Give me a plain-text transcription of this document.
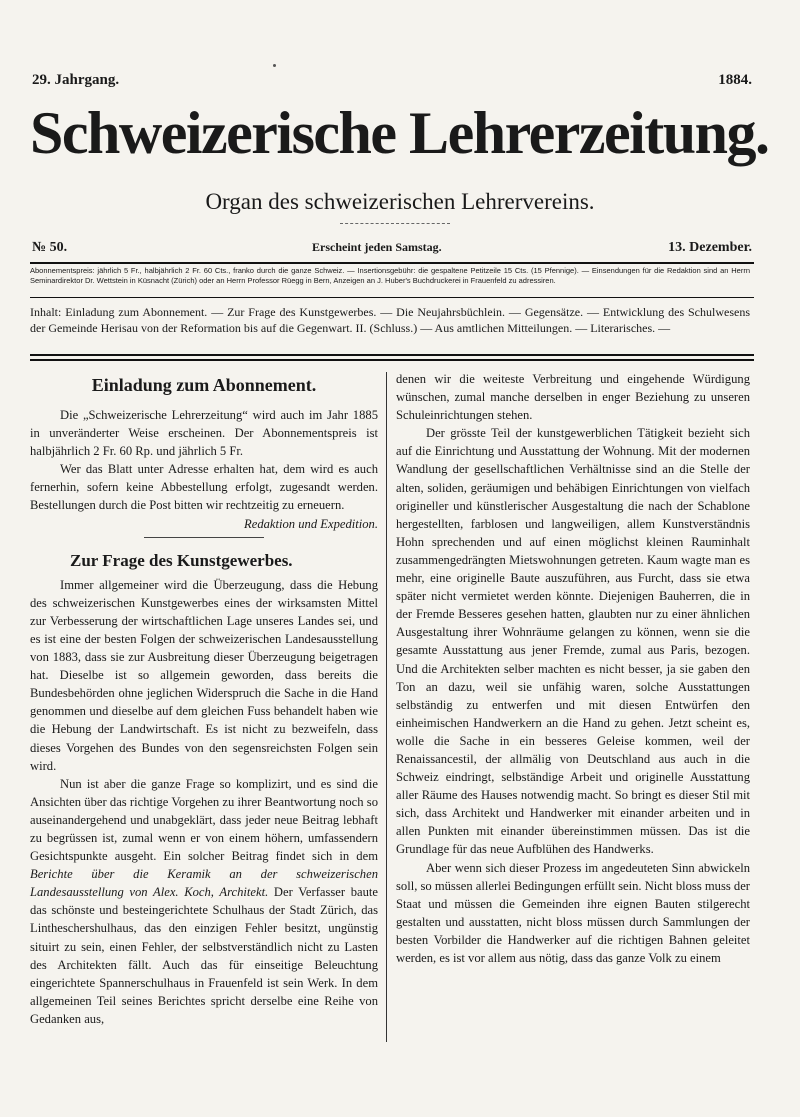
29. Jahrgang.	1884.
Schweizerische Lehrerzeitung.
Organ des schweizerischen Lehrervereins.
№ 50.	Erscheint jeden Samstag.	13. Dezember.
Abonnementspreis: jährlich 5 Fr., halbjährlich 2 Fr. 60 Cts., franko durch die ganze Schweiz. — Insertionsgebühr: die gespaltene Petitzeile 15 Cts. (15 Pfennige). — Einsendungen für die Redaktion sind an Herrn Seminardirektor Dr. Wettstein in Küsnacht (Zürich) oder an Herrn Professor Rüegg in Bern, Anzeigen an J. Huber's Buchdruckerei in Frauenfeld zu adressiren.
Inhalt: Einladung zum Abonnement. — Zur Frage des Kunstgewerbes. — Die Neujahrsbüchlein. — Gegensätze. — Entwicklung des Schulwesens der Gemeinde Herisau von der Reformation bis auf die Gegenwart. II. (Schluss.) — Aus amtlichen Mitteilungen. — Literarisches. —
Einladung zum Abonnement.

Die „Schweizerische Lehrerzeitung“ wird auch im Jahr 1885 in unveränderter Weise erscheinen. Der Abonnementspreis ist halbjährlich 2 Fr. 60 Rp. und jährlich 5 Fr.

Wer das Blatt unter Adresse erhalten hat, dem wird es auch fernerhin, sofern keine Abbestellung erfolgt, zugesandt werden. Bestellungen durch die Post bitten wir rechtzeitig zu erneuern.

Redaktion und Expedition.
Zur Frage des Kunstgewerbes.

Immer allgemeiner wird die Überzeugung, dass die Hebung des schweizerischen Kunstgewerbes eines der wirksamsten Mittel zur Verbesserung der wirtschaftlichen Lage unseres Landes sei, und es ist eine der besten Folgen der schweizerischen Landesausstellung von 1883, dass sie zur Ausbreitung dieser Überzeugung beigetragen hat. Dieselbe ist so allgemein geworden, dass bereits die Bundesbehörden ohne jeglichen Widerspruch die Sache in die Hand genommen und dieselbe auf dem gleichen Fuss behandelt haben wie die Hebung der Landwirtschaft. Es ist nicht zu bezweifeln, dass dieses Vorgehen des Bundes von den segensreichsten Folgen sein wird.

Nun ist aber die ganze Frage so komplizirt, und es sind die Ansichten über das richtige Vorgehen zu ihrer Beantwortung noch so auseinandergehend und unabgeklärt, dass jeder neue Beitrag lebhaft zu begrüssen ist, zumal wenn er von einem höhern, umfassendern Gesichtspunkte ausgeht. Ein solcher Beitrag findet sich in dem Berichte über die Keramik an der schweizerischen Landesausstellung von Alex. Koch, Architekt. Der Verfasser baute das schönste und besteingerichtete Schulhaus der Stadt Zürich, das Lintheschershulhaus, das den einzigen Fehler besitzt, ungünstig situirt zu sein, einen Fehler, der selbstverständlich nicht zu Lasten des Architekten fällt. Auch das für einseitige Beleuchtung eingerichtete Spannerschulhaus in Frauenfeld ist sein Werk. In dem allgemeinen Teil seines Berichtes spricht derselbe eine Reihe von Gedanken aus,

denen wir die weiteste Verbreitung und eingehende Würdigung wünschen, zumal manche derselben in enger Beziehung zu unseren Schuleinrichtungen stehen.

Der grösste Teil der kunstgewerblichen Tätigkeit bezieht sich auf die Einrichtung und Ausstattung der Wohnung. Mit der modernen Wandlung der gesellschaftlichen Verhältnisse sind an die Stelle der alten, soliden, geräumigen und behäbigen Einrichtungen von vielfach origineller und künstlerischer Ausgestaltung die nach der Schablone hergestellten, farblosen und langweiligen, allem Kunstverständnis Hohn sprechenden und auf einen möglichst kleinen Rauminhalt zusammengedrängten Mietswohnungen getreten. Kaum wagte man es mehr, eine originelle Baute auszuführen, aus Furcht, dass sie etwa später nicht vermietet werden könnte. Diejenigen Bauherren, die in der Fremde Besseres gesehen hatten, glaubten nur zu einer ähnlichen Ausgestaltung ihrer Wohnräume gelangen zu können, wenn sie die gesamte Ausstattung aus jener Fremde, zumal aus Paris, bezogen. Und die Architekten selber machten es nicht besser, ja sie gaben den Ton an dazu, weil sie unfähig waren, solche Ausstattungen selbständig zu entwerfen und mit diesen Entwürfen den einheimischen Handwerkern an die Hand zu gehen. Jetzt scheint es, wolle die Sache in ein besseres Geleise kommen, weil der Renaissancestil, der allmälig von Deutschland aus auch in die Schweiz eindringt, selbständige Arbeit und originelle Ausstattung aller Räume des Hauses notwendig macht. So bringt es dieser Stil mit sich, dass Architekt und Handwerker mit einander arbeiten und in allen Punkten mit einander übereinstimmen müssen. Das ist die Grundlage für das neue Aufblühen des Handwerks.

Aber wenn sich dieser Prozess im angedeuteten Sinn abwickeln soll, so müssen allerlei Bedingungen erfüllt sein. Nicht bloss muss der Staat und müssen die Gemeinden ihre eignen Bauten stilgerecht gestalten und ausstatten, nicht bloss müssen durch Sammlungen der besten Vorbilder die Handwerker auf die richtigen Bahnen geleitet werden, es ist vor allem aus nötig, dass das ganze Volk zu einem
